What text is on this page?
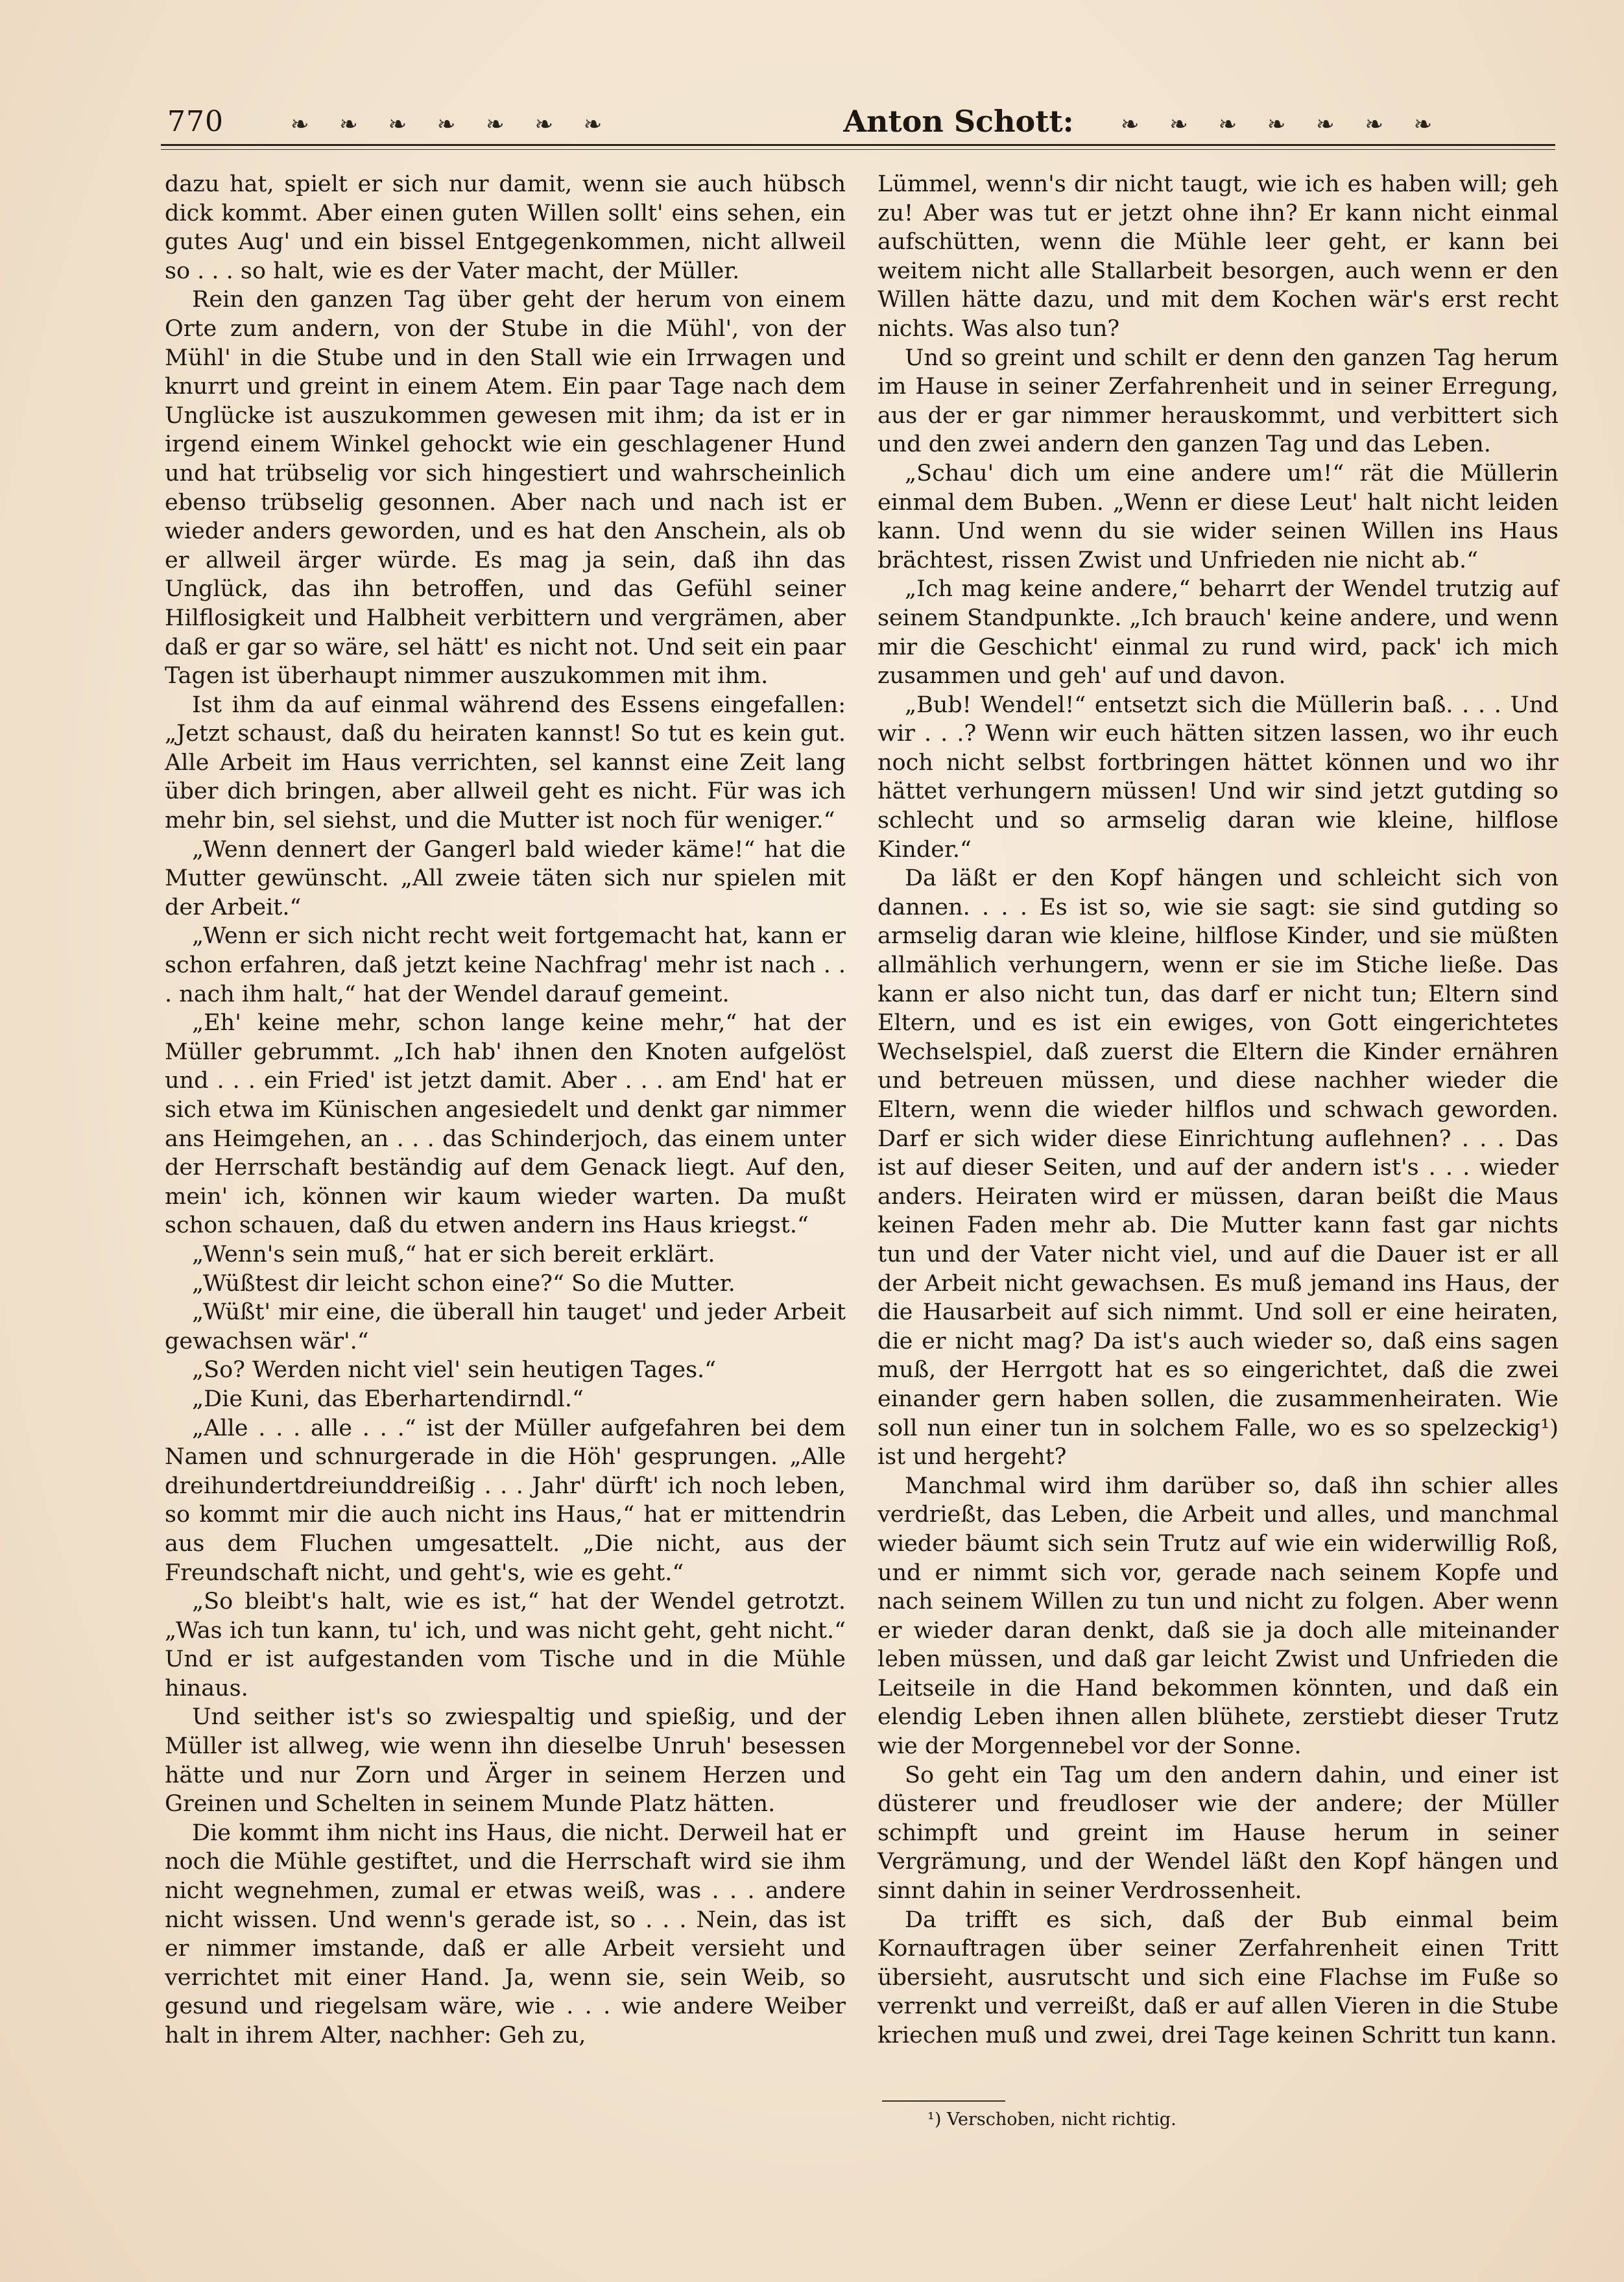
770	❧ ❧ ❧ ❧ ❧ ❧ ❧	Anton Schott:	❧ ❧ ❧ ❧ ❧ ❧ ❧

dazu hat, spielt er sich nur damit, wenn sie auch hübsch dick kommt. Aber einen guten Willen sollt' eins sehen, ein gutes Aug' und ein bissel Entgegenkommen, nicht allweil so . . . so halt, wie es der Vater macht, der Müller.

Rein den ganzen Tag über geht der herum von einem Orte zum andern, von der Stube in die Mühl', von der Mühl' in die Stube und in den Stall wie ein Irrwagen und knurrt und greint in einem Atem. Ein paar Tage nach dem Unglücke ist auszukommen gewesen mit ihm; da ist er in irgend einem Winkel gehockt wie ein geschlagener Hund und hat trübselig vor sich hingestiert und wahrscheinlich ebenso trübselig gesonnen. Aber nach und nach ist er wieder anders geworden, und es hat den Anschein, als ob er allweil ärger würde. Es mag ja sein, daß ihn das Unglück, das ihn betroffen, und das Gefühl seiner Hilflosigkeit und Halbheit verbittern und vergrämen, aber daß er gar so wäre, sel hätt' es nicht not. Und seit ein paar Tagen ist überhaupt nimmer auszukommen mit ihm.

Ist ihm da auf einmal während des Essens eingefallen: „Jetzt schaust, daß du heiraten kannst! So tut es kein gut. Alle Arbeit im Haus verrichten, sel kannst eine Zeit lang über dich bringen, aber allweil geht es nicht. Für was ich mehr bin, sel siehst, und die Mutter ist noch für weniger.“

„Wenn dennert der Gangerl bald wieder käme!“ hat die Mutter gewünscht. „All zweie täten sich nur spielen mit der Arbeit.“

„Wenn er sich nicht recht weit fortgemacht hat, kann er schon erfahren, daß jetzt keine Nachfrag' mehr ist nach . . . nach ihm halt,“ hat der Wendel darauf gemeint.

„Eh' keine mehr, schon lange keine mehr,“ hat der Müller gebrummt. „Ich hab' ihnen den Knoten aufgelöst und . . . ein Fried' ist jetzt damit. Aber . . . am End' hat er sich etwa im Künischen angesiedelt und denkt gar nimmer ans Heimgehen, an . . . das Schinderjoch, das einem unter der Herrschaft beständig auf dem Genack liegt. Auf den, mein' ich, können wir kaum wieder warten. Da mußt schon schauen, daß du etwen andern ins Haus kriegst.“

„Wenn's sein muß,“ hat er sich bereit erklärt.

„Wüßtest dir leicht schon eine?“ So die Mutter.

„Wüßt' mir eine, die überall hin tauget' und jeder Arbeit gewachsen wär'.“

„So? Werden nicht viel' sein heutigen Tages.“

„Die Kuni, das Eberhartendirndl.“

„Alle . . . alle . . .“ ist der Müller aufgefahren bei dem Namen und schnurgerade in die Höh' gesprungen. „Alle dreihundertdreiunddreißig . . . Jahr' dürft' ich noch leben, so kommt mir die auch nicht ins Haus,“ hat er mittendrin aus dem Fluchen umgesattelt. „Die nicht, aus der Freundschaft nicht, und geht's, wie es geht.“

„So bleibt's halt, wie es ist,“ hat der Wendel getrotzt. „Was ich tun kann, tu' ich, und was nicht geht, geht nicht.“ Und er ist aufgestanden vom Tische und in die Mühle hinaus.

Und seither ist's so zwiespaltig und spießig, und der Müller ist allweg, wie wenn ihn dieselbe Unruh' besessen hätte und nur Zorn und Ärger in seinem Herzen und Greinen und Schelten in seinem Munde Platz hätten.

Die kommt ihm nicht ins Haus, die nicht. Derweil hat er noch die Mühle gestiftet, und die Herrschaft wird sie ihm nicht wegnehmen, zumal er etwas weiß, was . . . andere nicht wissen. Und wenn's gerade ist, so . . . Nein, das ist er nimmer imstande, daß er alle Arbeit versieht und verrichtet mit einer Hand. Ja, wenn sie, sein Weib, so gesund und riegelsam wäre, wie . . . wie andere Weiber halt in ihrem Alter, nachher: Geh zu,

Lümmel, wenn's dir nicht taugt, wie ich es haben will; geh zu! Aber was tut er jetzt ohne ihn? Er kann nicht einmal aufschütten, wenn die Mühle leer geht, er kann bei weitem nicht alle Stallarbeit besorgen, auch wenn er den Willen hätte dazu, und mit dem Kochen wär's erst recht nichts. Was also tun?

Und so greint und schilt er denn den ganzen Tag herum im Hause in seiner Zerfahrenheit und in seiner Erregung, aus der er gar nimmer herauskommt, und verbittert sich und den zwei andern den ganzen Tag und das Leben.

„Schau' dich um eine andere um!“ rät die Müllerin einmal dem Buben. „Wenn er diese Leut' halt nicht leiden kann. Und wenn du sie wider seinen Willen ins Haus brächtest, rissen Zwist und Unfrieden nie nicht ab.“

„Ich mag keine andere,“ beharrt der Wendel trutzig auf seinem Standpunkte. „Ich brauch' keine andere, und wenn mir die Geschicht' einmal zu rund wird, pack' ich mich zusammen und geh' auf und davon.

„Bub! Wendel!“ entsetzt sich die Müllerin baß. . . . Und wir . . .? Wenn wir euch hätten sitzen lassen, wo ihr euch noch nicht selbst fortbringen hättet können und wo ihr hättet verhungern müssen! Und wir sind jetzt gutding so schlecht und so armselig daran wie kleine, hilflose Kinder.“

Da läßt er den Kopf hängen und schleicht sich von dannen. . . . Es ist so, wie sie sagt: sie sind gutding so armselig daran wie kleine, hilflose Kinder, und sie müßten allmählich verhungern, wenn er sie im Stiche ließe. Das kann er also nicht tun, das darf er nicht tun; Eltern sind Eltern, und es ist ein ewiges, von Gott eingerichtetes Wechselspiel, daß zuerst die Eltern die Kinder ernähren und betreuen müssen, und diese nachher wieder die Eltern, wenn die wieder hilflos und schwach geworden. Darf er sich wider diese Einrichtung auflehnen? . . . Das ist auf dieser Seiten, und auf der andern ist's . . . wieder anders. Heiraten wird er müssen, daran beißt die Maus keinen Faden mehr ab. Die Mutter kann fast gar nichts tun und der Vater nicht viel, und auf die Dauer ist er all der Arbeit nicht gewachsen. Es muß jemand ins Haus, der die Hausarbeit auf sich nimmt. Und soll er eine heiraten, die er nicht mag? Da ist's auch wieder so, daß eins sagen muß, der Herrgott hat es so eingerichtet, daß die zwei einander gern haben sollen, die zusammenheiraten. Wie soll nun einer tun in solchem Falle, wo es so spelzeckig¹) ist und hergeht?

Manchmal wird ihm darüber so, daß ihn schier alles verdrießt, das Leben, die Arbeit und alles, und manchmal wieder bäumt sich sein Trutz auf wie ein widerwillig Roß, und er nimmt sich vor, gerade nach seinem Kopfe und nach seinem Willen zu tun und nicht zu folgen. Aber wenn er wieder daran denkt, daß sie ja doch alle miteinander leben müssen, und daß gar leicht Zwist und Unfrieden die Leitseile in die Hand bekommen könnten, und daß ein elendig Leben ihnen allen blühete, zerstiebt dieser Trutz wie der Morgennebel vor der Sonne.

So geht ein Tag um den andern dahin, und einer ist düsterer und freudloser wie der andere; der Müller schimpft und greint im Hause herum in seiner Vergrämung, und der Wendel läßt den Kopf hängen und sinnt dahin in seiner Verdrossenheit.

Da trifft es sich, daß der Bub einmal beim Kornauftragen über seiner Zerfahrenheit einen Tritt übersieht, ausrutscht und sich eine Flachse im Fuße so verrenkt und verreißt, daß er auf allen Vieren in die Stube kriechen muß und zwei, drei Tage keinen Schritt tun kann.

¹) Verschoben, nicht richtig.
